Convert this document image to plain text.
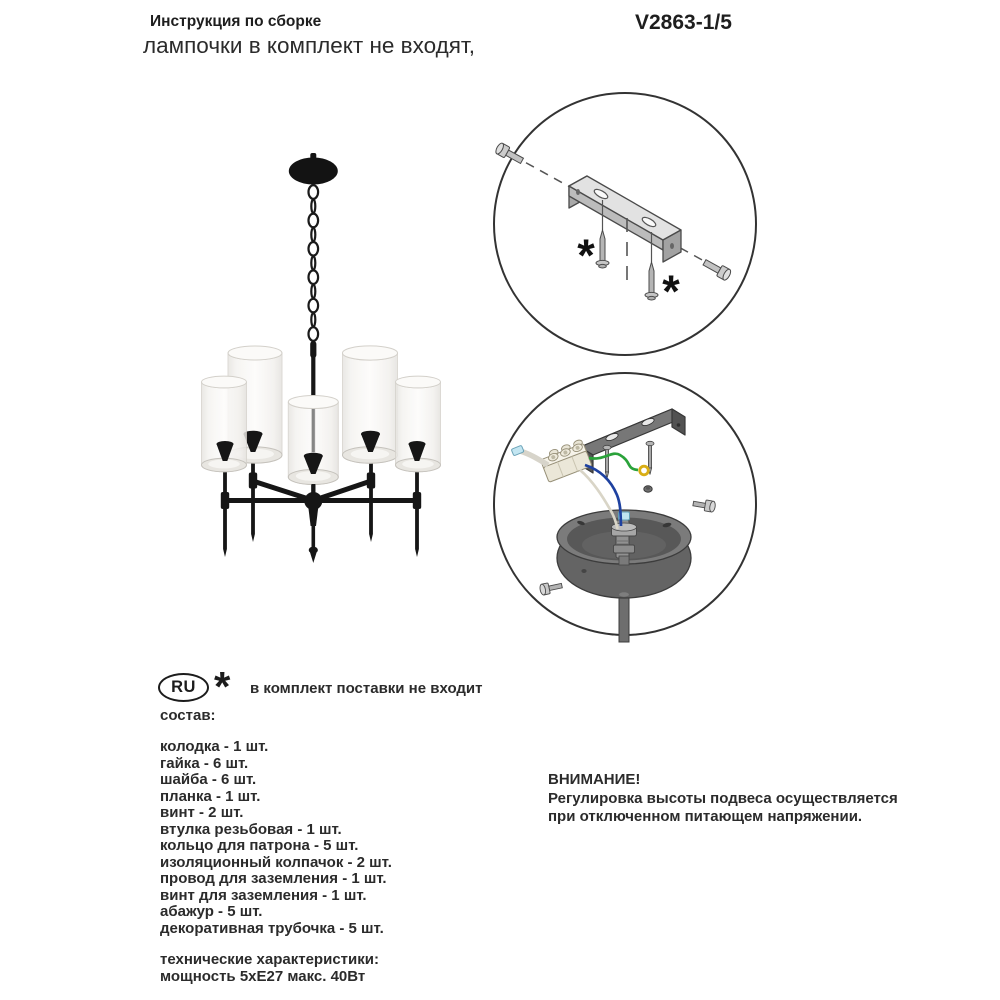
*
*
Инструкция по сборке
лампочки в комплект не входят,
V2863-1/5
RU * в комплект поставки не входит
состав:
колодка - 1 шт.
гайка - 6 шт.
шайба - 6 шт.
планка - 1 шт.
винт - 2 шт.
втулка резьбовая - 1 шт.
кольцо для патрона - 5 шт.
изоляционный колпачок - 2 шт.
провод для заземления - 1 шт.
винт для заземления - 1 шт.
абажур - 5 шт.
декоративная трубочка - 5 шт.
технические характеристики:
мощность 5хЕ27 макс. 40Вт
ВНИМАНИЕ!
Регулировка высоты подвеса осуществляется
при отключенном питающем напряжении.
